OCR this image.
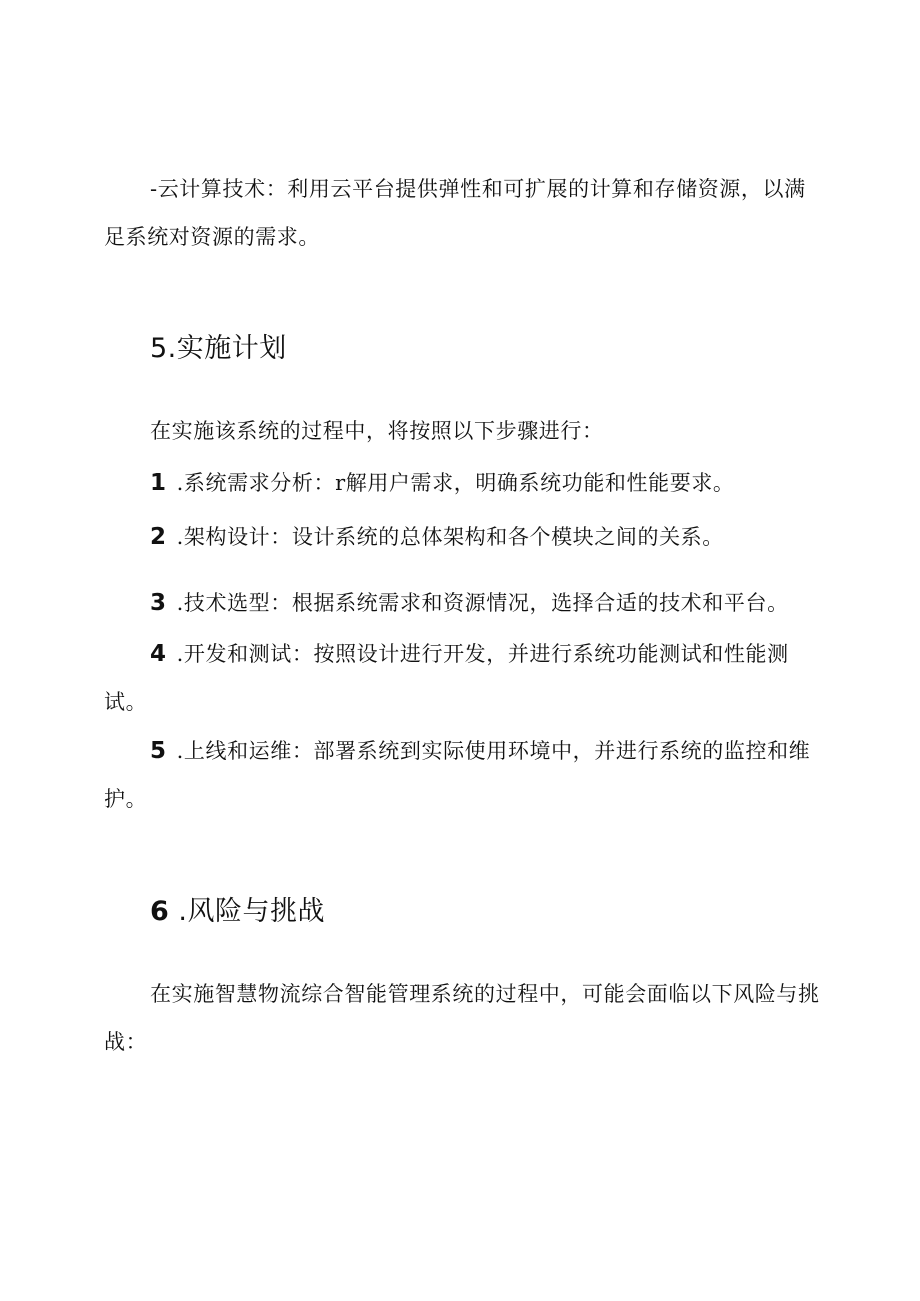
-云计算技术：利用云平台提供弹性和可扩展的计算和存储资源，以满足系统对资源的需求。

5.实施计划

在实施该系统的过程中，将按照以下步骤进行：

1 .系统需求分析：r解用户需求，明确系统功能和性能要求。

2 .架构设计：设计系统的总体架构和各个模块之间的关系。

3 .技术选型：根据系统需求和资源情况，选择合适的技术和平台。

4 .开发和测试：按照设计进行开发，并进行系统功能测试和性能测试。

5 .上线和运维：部署系统到实际使用环境中，并进行系统的监控和维护。

6 .风险与挑战

在实施智慧物流综合智能管理系统的过程中，可能会面临以下风险与挑战：
